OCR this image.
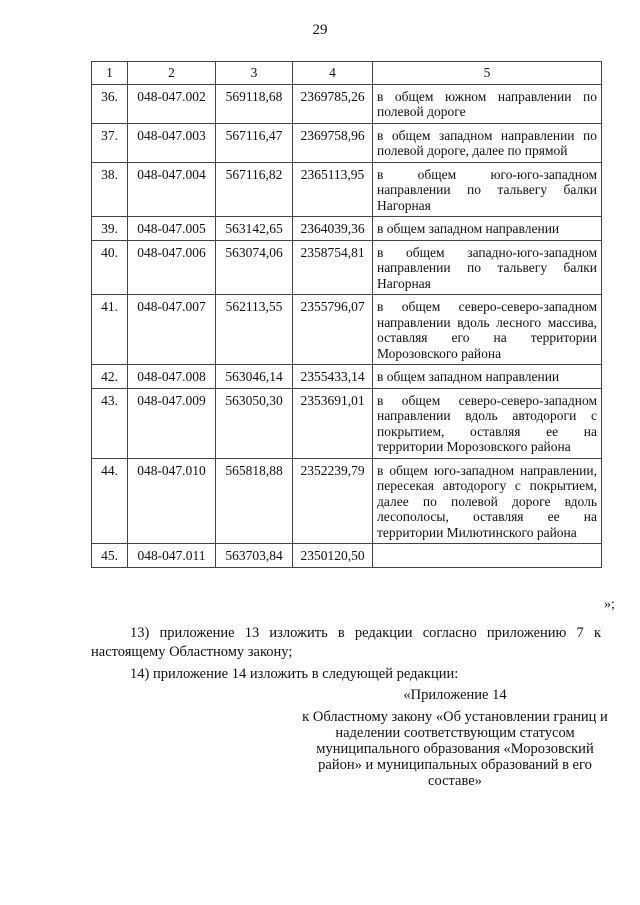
29
1	2	3	4	5
36.	048-047.002	569118,68	2369785,26	в общем южном направлении по полевой дороге
37.	048-047.003	567116,47	2369758,96	в общем западном направлении по полевой дороге, далее по прямой
38.	048-047.004	567116,82	2365113,95	в общем юго-юго-западном направлении по тальвегу балки Нагорная
39.	048-047.005	563142,65	2364039,36	в общем западном направлении
40.	048-047.006	563074,06	2358754,81	в общем западно-юго-западном направлении по тальвегу балки Нагорная
41.	048-047.007	562113,55	2355796,07	в общем северо-северо-западном направлении вдоль лесного массива, оставляя его на территории Морозовского района
42.	048-047.008	563046,14	2355433,14	в общем западном направлении
43.	048-047.009	563050,30	2353691,01	в общем северо-северо-западном направлении вдоль автодороги с покрытием, оставляя ее на территории Морозовского района
44.	048-047.010	565818,88	2352239,79	в общем юго-западном направлении, пересекая автодорогу с покрытием, далее по полевой дороге вдоль лесополосы, оставляя ее на территории Милютинского района
45.	048-047.011	563703,84	2350120,50	
»;
13) приложение 13 изложить в редакции согласно приложению 7 к настоящему Областному закону;
14) приложение 14 изложить в следующей редакции:
«Приложение 14
к Областному закону «Об установлении границ и наделении соответствующим статусом муниципального образования «Морозовский район» и муниципальных образований в его составе»
